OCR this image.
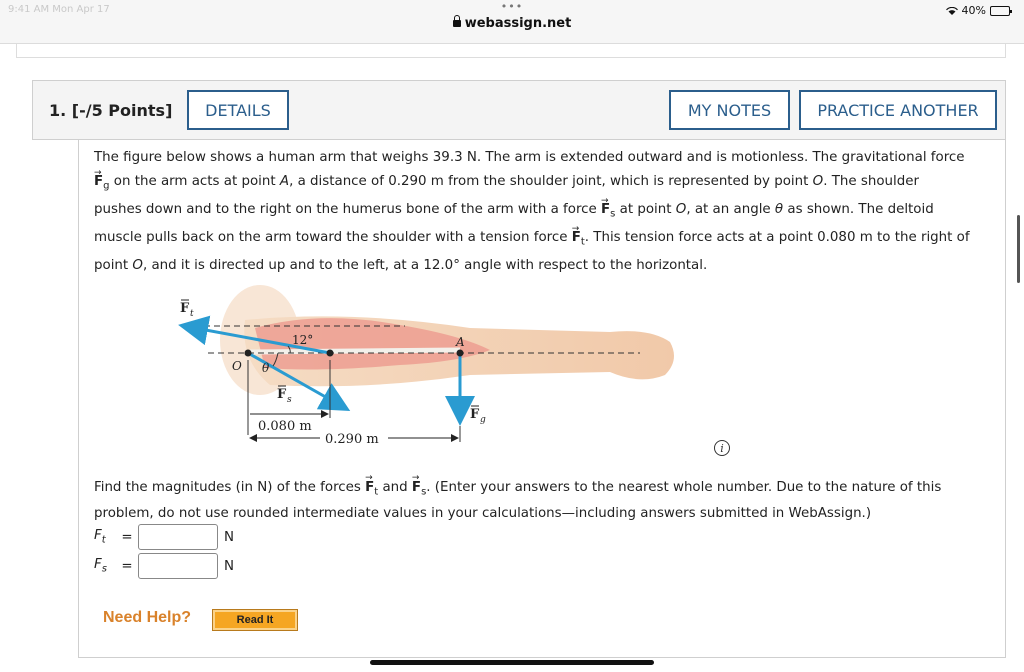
9:41 AM Mon Apr 17	•••
webassign.net
40%
1. [-/5 Points]	DETAILS	MY NOTES	PRACTICE ANOTHER
The figure below shows a human arm that weighs 39.3 N. The arm is extended outward and is motionless. The gravitational force
→ $F_g$ on the arm acts at point A, a distance of 0.290 m from the shoulder joint, which is represented by point O. The shoulder
pushes down and to the right on the humerus bone of the arm with a force → $F_s$ at point O, at an angle θ as shown. The deltoid
muscle pulls back on the arm toward the shoulder with a tension force → $F_t$. This tension force acts at a point 0.080 m to the right of
point O, and it is directed up and to the left, at a 12.0° angle with respect to the horizontal.
F t
F s
F g
12°
θ
O
A
0.080 m
0.290 m
i
Find the magnitudes (in N) of the forces → $F_t$ and → $F_s$. (Enter your answers to the nearest whole number. Due to the nature of this
problem, do not use rounded intermediate values in your calculations—including answers submitted in WebAssign.)
$F_t$	=	N
$F_s$	=	N
Need Help?	Read It
